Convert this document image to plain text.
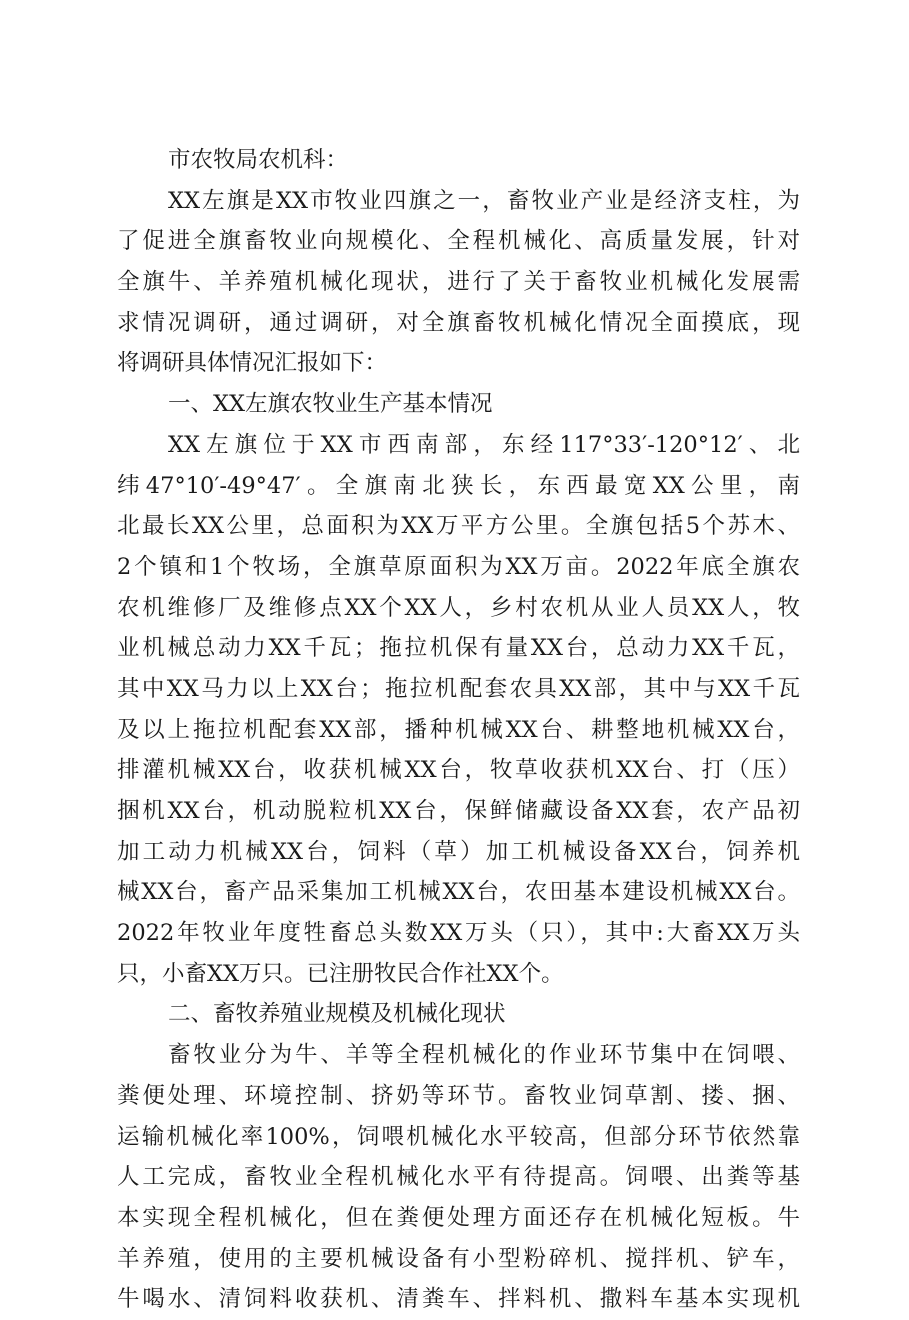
市农牧局农机科：
XX左旗是XX市牧业四旗之一，畜牧业产业是经济支柱，为
了促进全旗畜牧业向规模化、全程机械化、高质量发展，针对
全旗牛、羊养殖机械化现状，进行了关于畜牧业机械化发展需
求情况调研，通过调研，对全旗畜牧机械化情况全面摸底，现
将调研具体情况汇报如下：
一、XX左旗农牧业生产基本情况
XX左旗位于XX市西南部，东经117°33′-120°12′、北
纬47°10′-49°47′。全旗南北狭长，东西最宽XX公里，南
北最长XX公里，总面积为XX万平方公里。全旗包括5个苏木、
2个镇和1个牧场，全旗草原面积为XX万亩。2022年底全旗农
农机维修厂及维修点XX个XX人，乡村农机从业人员XX人，牧
业机械总动力XX千瓦；拖拉机保有量XX台，总动力XX千瓦，
其中XX马力以上XX台；拖拉机配套农具XX部，其中与XX千瓦
及以上拖拉机配套XX部，播种机械XX台、耕整地机械XX台，
排灌机械XX台，收获机械XX台，牧草收获机XX台、打（压）
捆机XX台，机动脱粒机XX台，保鲜储藏设备XX套，农产品初
加工动力机械XX台，饲料（草）加工机械设备XX台，饲养机
械XX台，畜产品采集加工机械XX台，农田基本建设机械XX台。
2022年牧业年度牲畜总头数XX万头（只），其中:大畜XX万头
只，小畜XX万只。已注册牧民合作社XX个。
二、畜牧养殖业规模及机械化现状
畜牧业分为牛、羊等全程机械化的作业环节集中在饲喂、
粪便处理、环境控制、挤奶等环节。畜牧业饲草割、搂、捆、
运输机械化率100%，饲喂机械化水平较高，但部分环节依然靠
人工完成，畜牧业全程机械化水平有待提高。饲喂、出粪等基
本实现全程机械化，但在粪便处理方面还存在机械化短板。牛
羊养殖，使用的主要机械设备有小型粉碎机、搅拌机、铲车，
牛喝水、清饲料收获机、清粪车、拌料机、撒料车基本实现机
